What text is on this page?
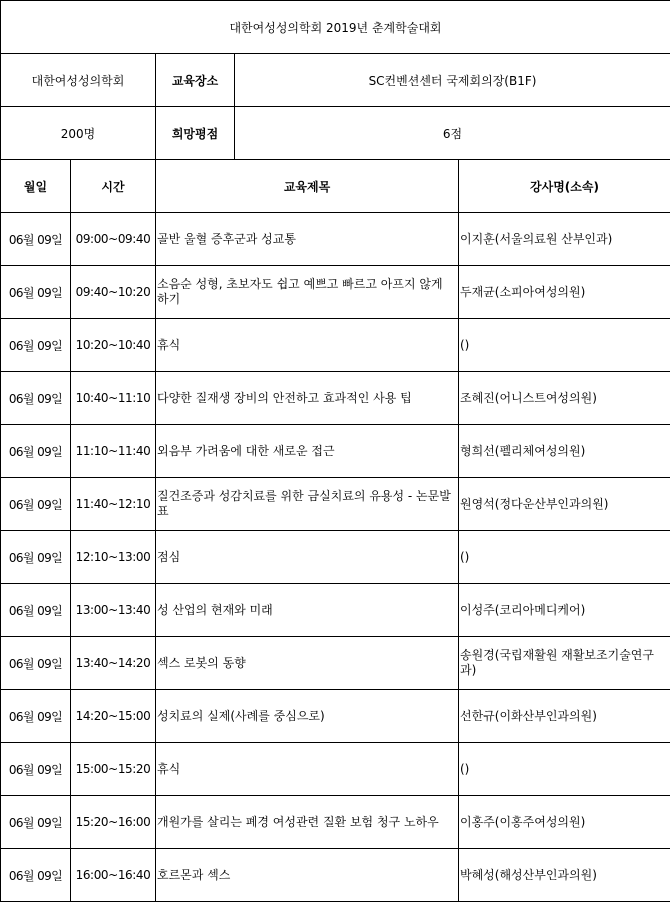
대한여성성의학회 2019년 춘계학술대회		
대한여성성의학회	교육장소	SC컨벤션센터 국제회의장(B1F)
200명	희망평점	6점
월일	시간	교육제목	강사명(소속)
06월 09일	09:00~09:40	골반 울혈 증후군과 성교통	이지훈(서울의료원 산부인과)
06월 09일	09:40~10:20	소음순 성형, 초보자도 쉽고 예쁘고 빠르고 아프지 않게 하기	두재균(소피아여성의원)
06월 09일	10:20~10:40	휴식	()
06월 09일	10:40~11:10	다양한 질재생 장비의 안전하고 효과적인 사용 팁	조혜진(어니스트여성의원)
06월 09일	11:10~11:40	외음부 가려움에 대한 새로운 접근	형희선(펠리체여성의원)
06월 09일	11:40~12:10	질건조증과 성감치료를 위한 금실치료의 유용성 - 논문발표	원영석(정다운산부인과의원)
06월 09일	12:10~13:00	점심	()
06월 09일	13:00~13:40	성 산업의 현재와 미래	이성주(코리아메디케어)
06월 09일	13:40~14:20	섹스 로봇의 동향	송원경(국립재활원 재활보조기술연구과)
06월 09일	14:20~15:00	성치료의 실제(사례를 중심으로)	선한규(이화산부인과의원)
06월 09일	15:00~15:20	휴식	()
06월 09일	15:20~16:00	개원가를 살리는 폐경 여성관련 질환 보험 청구 노하우	이홍주(이홍주여성의원)
06월 09일	16:00~16:40	호르몬과 섹스	박혜성(해성산부인과의원)
